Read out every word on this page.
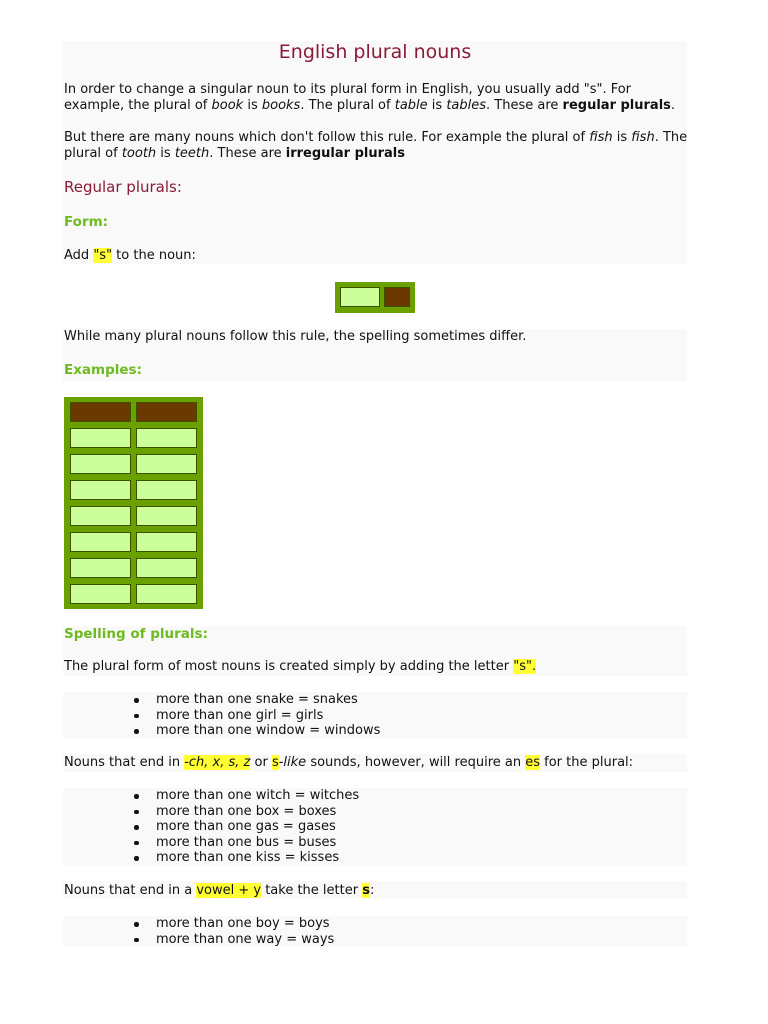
English plural nouns
In order to change a singular noun to its plural form in English, you usually add "s". For example, the plural of book is books. The plural of table is tables. These are regular plurals.
But there are many nouns which don't follow this rule. For example the plural of fish is fish. The plural of tooth is teeth. These are irregular plurals
Regular plurals:
Form:
Add "s" to the noun:
While many plural nouns follow this rule, the spelling sometimes differ.
Examples:
Spelling of plurals:
The plural form of most nouns is created simply by adding the letter "s".
more than one snake = snakes
more than one girl = girls
more than one window = windows
Nouns that end in -ch, x, s, z or s-like sounds, however, will require an es for the plural:
more than one witch = witches
more than one box = boxes
more than one gas = gases
more than one bus = buses
more than one kiss = kisses
Nouns that end in a vowel + y take the letter s:
more than one boy = boys
more than one way = ways
